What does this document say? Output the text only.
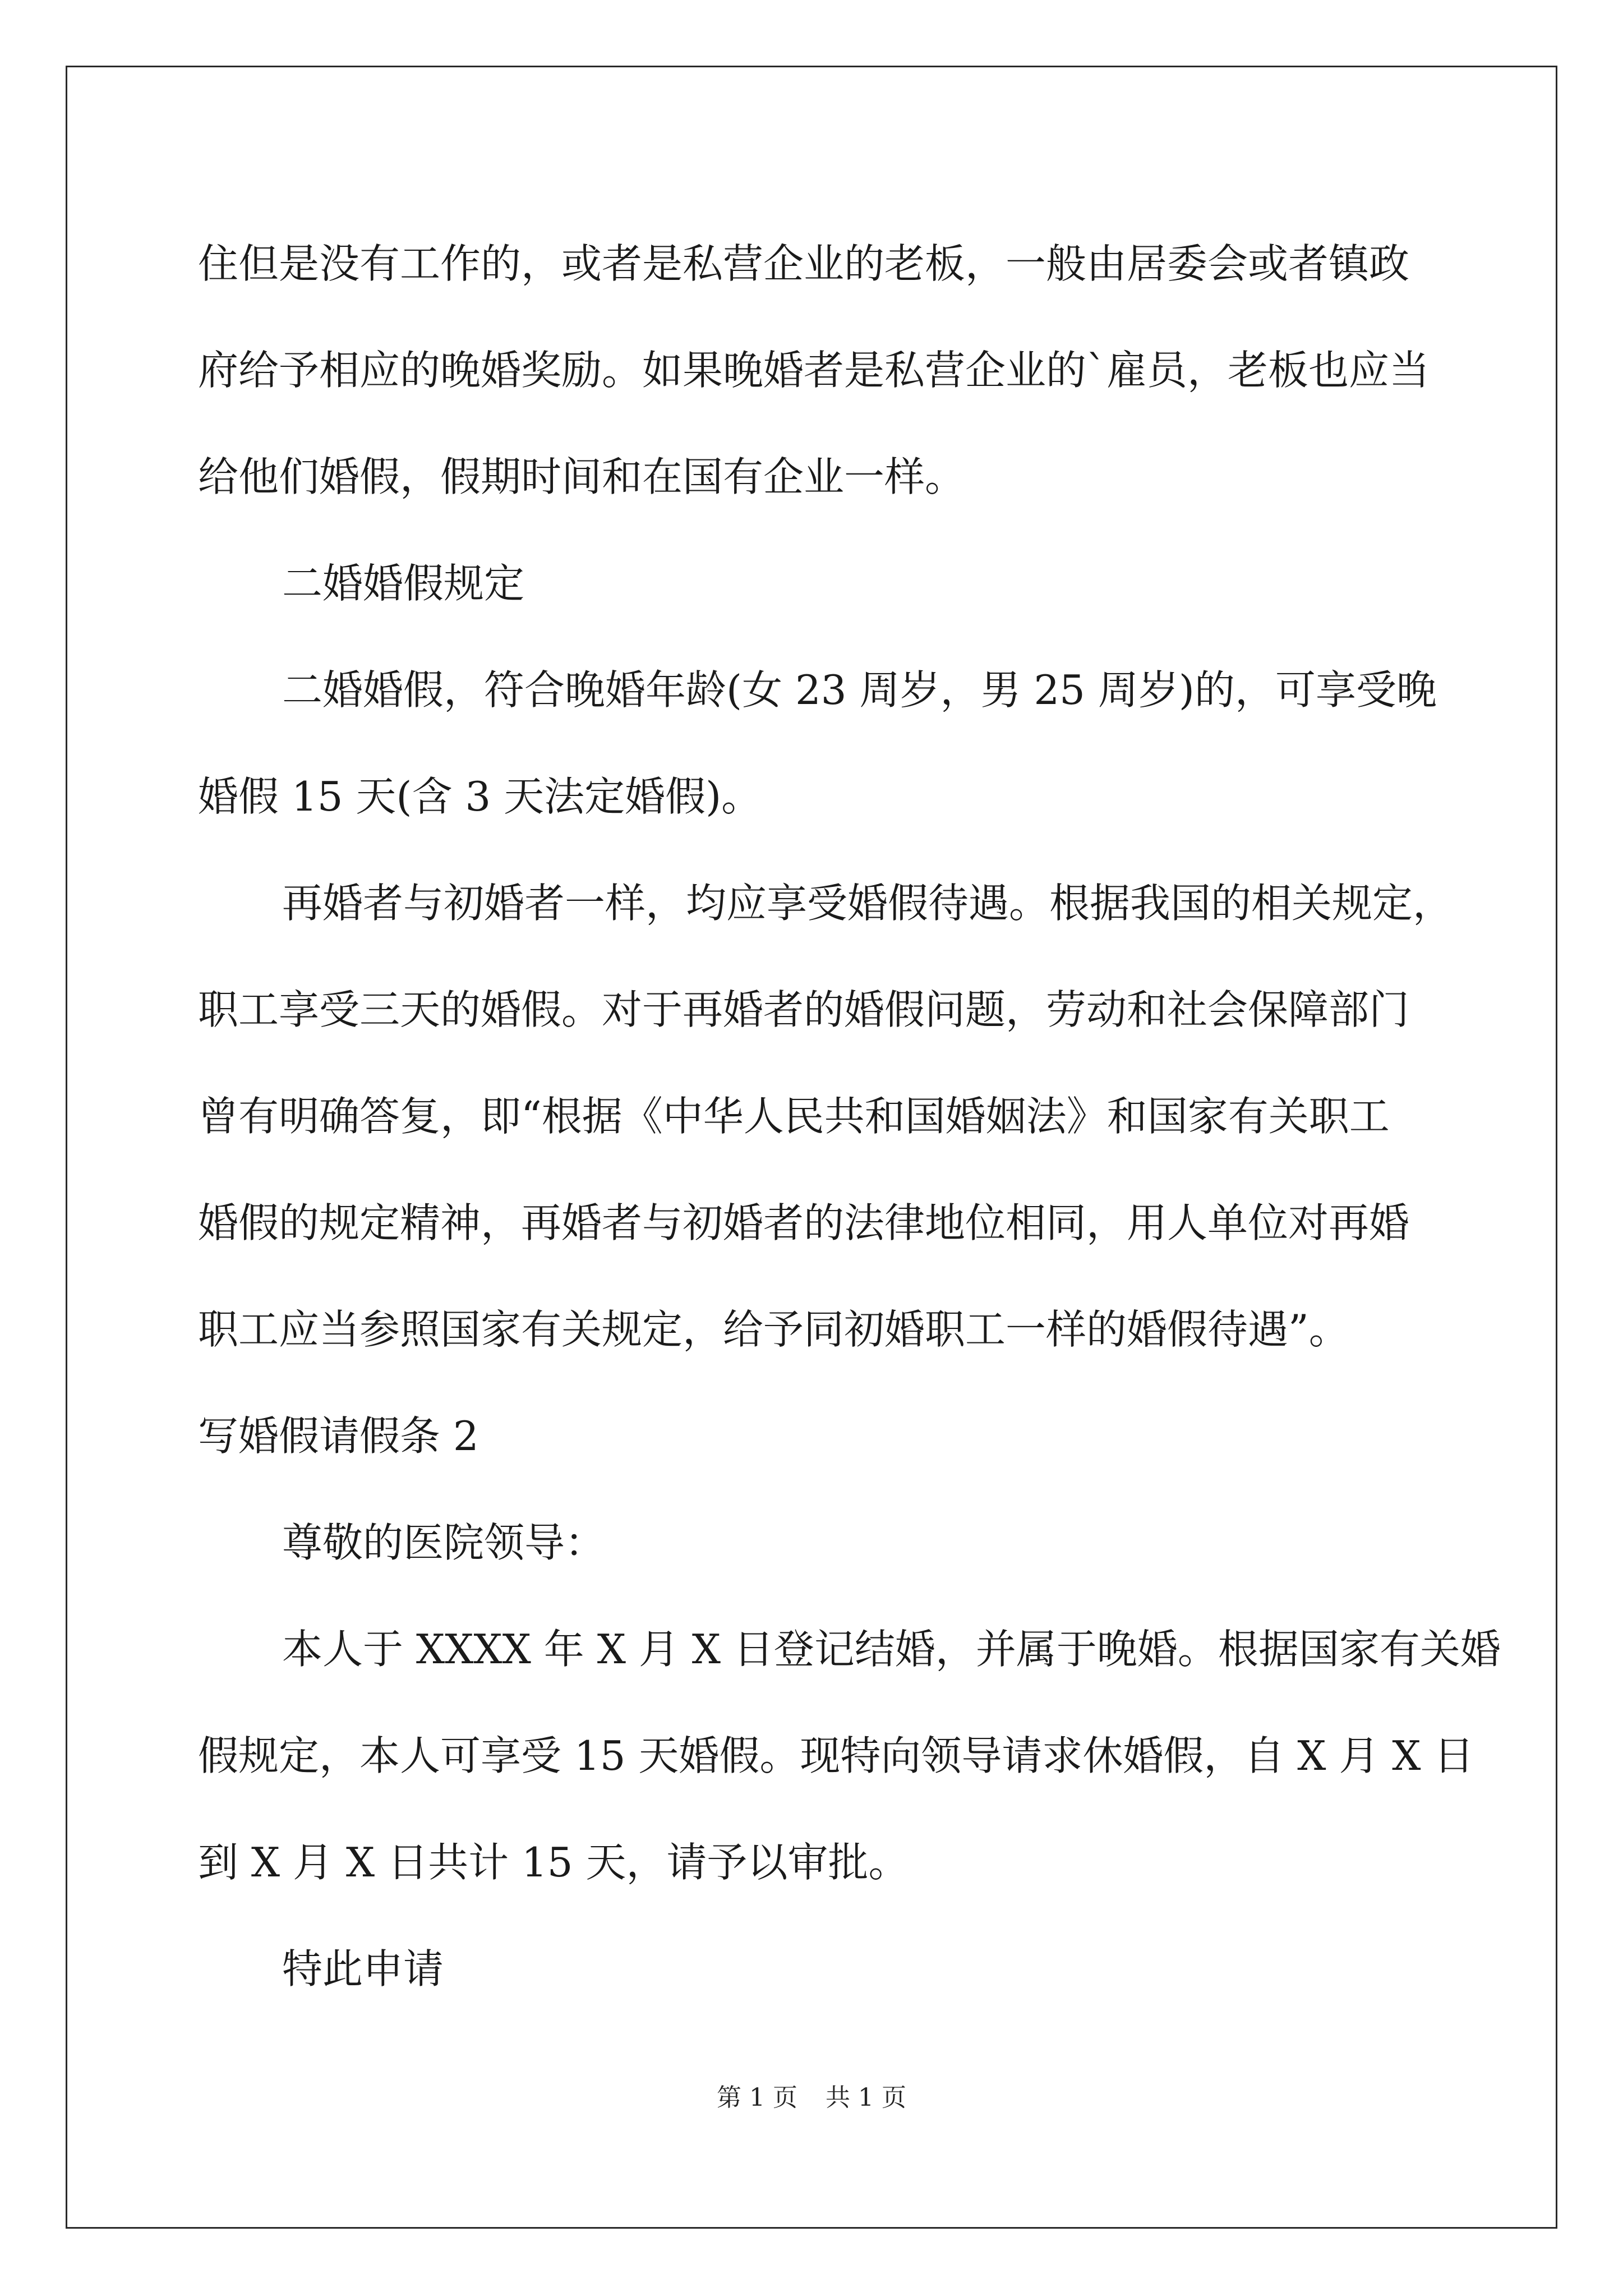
住但是没有工作的，或者是私营企业的老板，一般由居委会或者镇政

府给予相应的晚婚奖励。如果晚婚者是私营企业的`雇员，老板也应当

给他们婚假，假期时间和在国有企业一样。

二婚婚假规定

二婚婚假，符合晚婚年龄(女 23 周岁，男 25 周岁)的，可享受晚

婚假 15 天(含 3 天法定婚假)。

再婚者与初婚者一样，均应享受婚假待遇。根据我国的相关规定，

职工享受三天的婚假。对于再婚者的婚假问题，劳动和社会保障部门

曾有明确答复，即“根据《中华人民共和国婚姻法》和国家有关职工

婚假的规定精神，再婚者与初婚者的法律地位相同，用人单位对再婚

职工应当参照国家有关规定，给予同初婚职工一样的婚假待遇”。

写婚假请假条 2

尊敬的医院领导：

本人于 XXXX 年 X 月 X 日登记结婚，并属于晚婚。根据国家有关婚

假规定，本人可享受 15 天婚假。现特向领导请求休婚假，自 X 月 X 日

到 X 月 X 日共计 15 天，请予以审批。

特此申请

第 1 页 共 1 页
